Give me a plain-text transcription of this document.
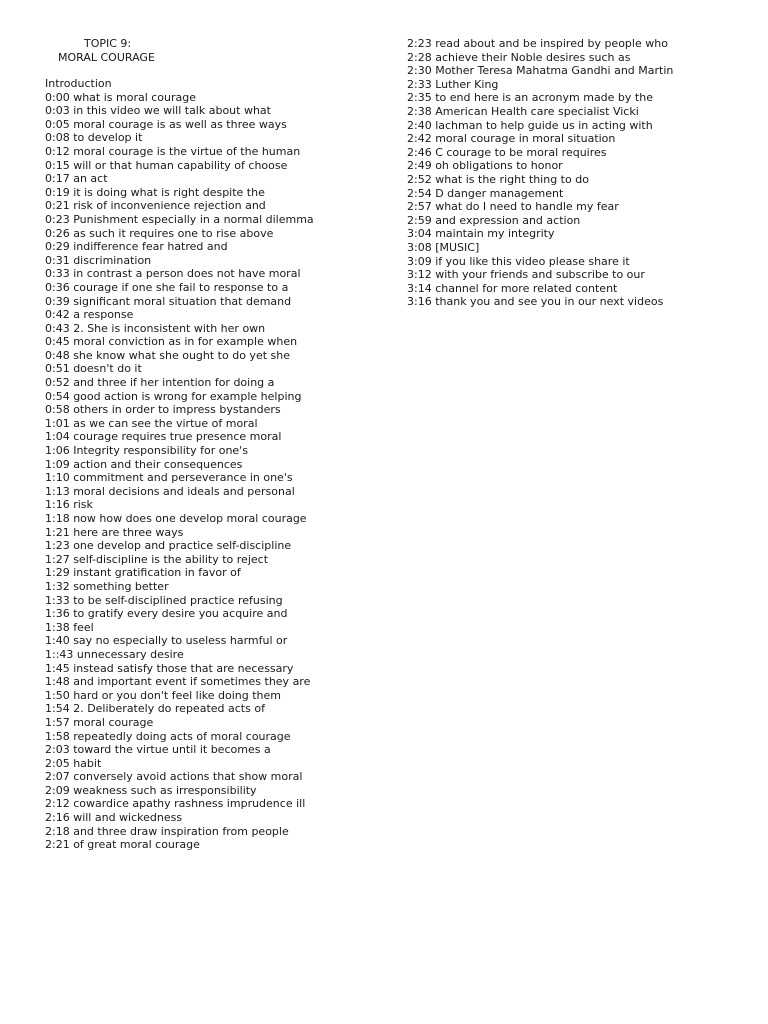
TOPIC 9:
MORAL COURAGE
Introduction
0:00 what is moral courage
0:03 in this video we will talk about what
0:05 moral courage is as well as three ways
0:08 to develop it
0:12 moral courage is the virtue of the human
0:15 will or that human capability of choose
0:17 an act
0:19 it is doing what is right despite the
0:21 risk of inconvenience rejection and
0:23 Punishment especially in a normal dilemma
0:26 as such it requires one to rise above
0:29 indifference fear hatred and
0:31 discrimination
0:33 in contrast a person does not have moral
0:36 courage if one she fail to response to a
0:39 significant moral situation that demand
0:42 a response
0:43 2. She is inconsistent with her own
0:45 moral conviction as in for example when
0:48 she know what she ought to do yet she
0:51 doesn't do it
0:52 and three if her intention for doing a
0:54 good action is wrong for example helping
0:58 others in order to impress bystanders
1:01 as we can see the virtue of moral
1:04 courage requires true presence moral
1:06 Integrity responsibility for one's
1:09 action and their consequences
1:10 commitment and perseverance in one's
1:13 moral decisions and ideals and personal
1:16 risk
1:18 now how does one develop moral courage
1:21 here are three ways
1:23 one develop and practice self-discipline
1:27 self-discipline is the ability to reject
1:29 instant gratification in favor of
1:32 something better
1:33 to be self-disciplined practice refusing
1:36 to gratify every desire you acquire and
1:38 feel
1:40 say no especially to useless harmful or
1::43 unnecessary desire
1:45 instead satisfy those that are necessary
1:48 and important event if sometimes they are
1:50 hard or you don't feel like doing them
1:54 2. Deliberately do repeated acts of
1:57 moral courage
1:58 repeatedly doing acts of moral courage
2:03 toward the virtue until it becomes a
2:05 habit
2:07 conversely avoid actions that show moral
2:09 weakness such as irresponsibility
2:12 cowardice apathy rashness imprudence ill
2:16 will and wickedness
2:18 and three draw inspiration from people
2:21 of great moral courage
2:23 read about and be inspired by people who
2:28 achieve their Noble desires such as
2:30 Mother Teresa Mahatma Gandhi and Martin
2:33 Luther King
2:35 to end here is an acronym made by the
2:38 American Health care specialist Vicki
2:40 lachman to help guide us in acting with
2:42 moral courage in moral situation
2:46 C courage to be moral requires
2:49 oh obligations to honor
2:52 what is the right thing to do
2:54 D danger management
2:57 what do I need to handle my fear
2:59 and expression and action
3:04 maintain my integrity
3:08 [MUSIC]
3:09 if you like this video please share it
3:12 with your friends and subscribe to our
3:14 channel for more related content
3:16 thank you and see you in our next videos
